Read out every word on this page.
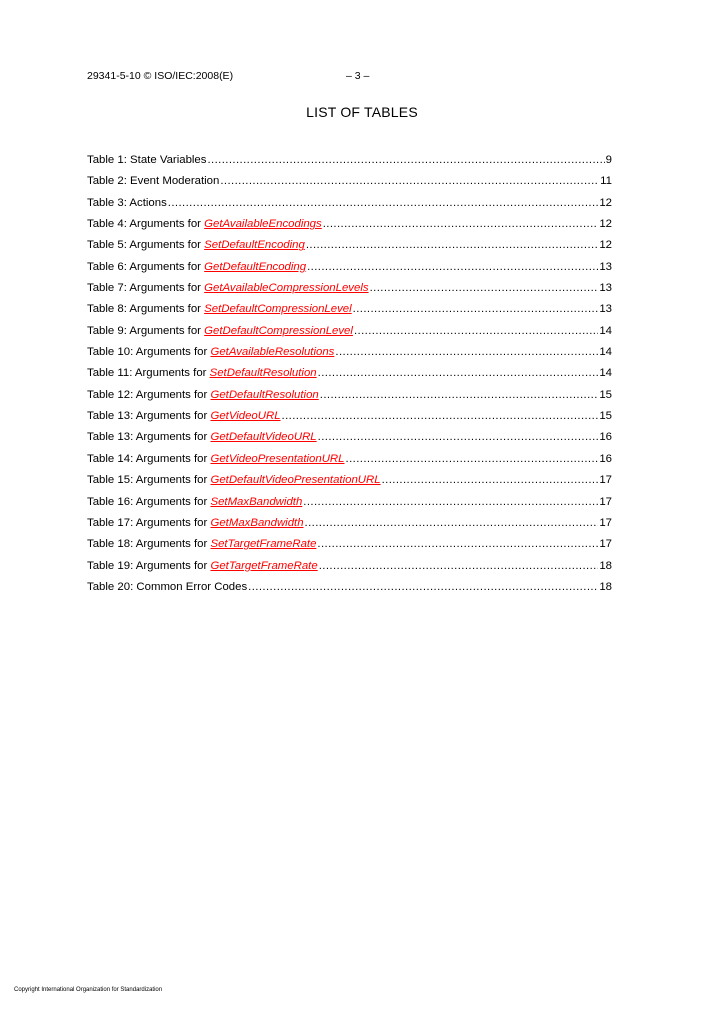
29341-5-10 © ISO/IEC:2008(E)	– 3 –
LIST OF TABLES
Table 1: State Variables .....	9
Table 2: Event Moderation .....	11
Table 3: Actions .....	12
Table 4: Arguments for GetAvailableEncodings .....	12
Table 5: Arguments for SetDefaultEncoding .....	12
Table 6: Arguments for GetDefaultEncoding .....	13
Table 7: Arguments for GetAvailableCompressionLevels .....	13
Table 8: Arguments for SetDefaultCompressionLevel .....	13
Table 9: Arguments for GetDefaultCompressionLevel .....	14
Table 10: Arguments for GetAvailableResolutions .....	14
Table 11: Arguments for SetDefaultResolution .....	14
Table 12: Arguments for GetDefaultResolution .....	15
Table 13: Arguments for GetVideoURL .....	15
Table 13: Arguments for GetDefaultVideoURL .....	16
Table 14: Arguments for GetVideoPresentationURL .....	16
Table 15: Arguments for GetDefaultVideoPresentationURL .....	17
Table 16: Arguments for SetMaxBandwidth .....	17
Table 17: Arguments for GetMaxBandwidth .....	17
Table 18: Arguments for SetTargetFrameRate .....	17
Table 19: Arguments for GetTargetFrameRate .....	18
Table 20: Common Error Codes .....	18
Copyright International Organization for Standardization
